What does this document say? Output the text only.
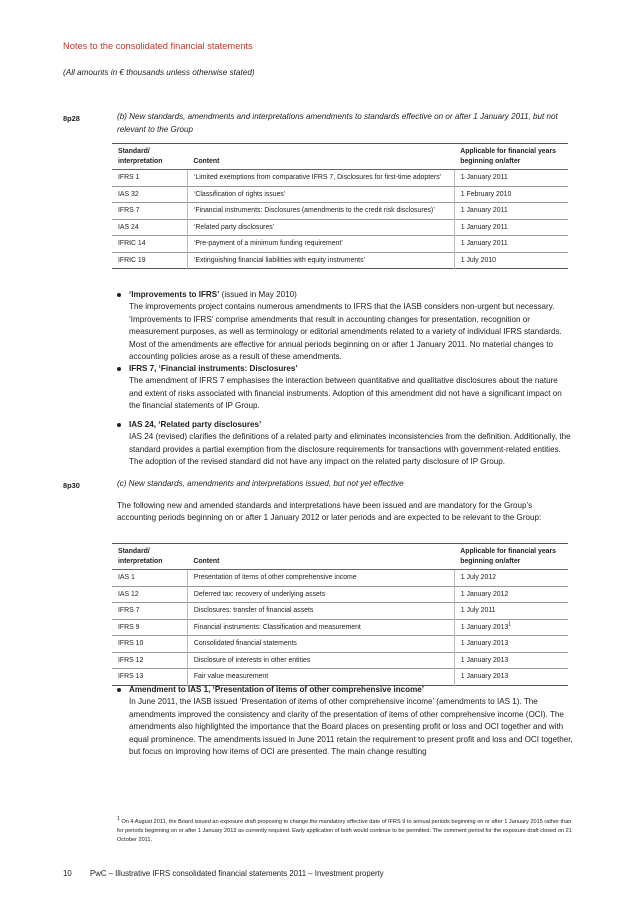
Notes to the consolidated financial statements
(All amounts in € thousands unless otherwise stated)
8p28	(b) New standards, amendments and interpretations amendments to standards effective on or after 1 January 2011, but not relevant to the Group
Standard/ interpretation	Content	Applicable for financial years beginning on/after
IFRS 1	‘Limited exemptions from comparative IFRS 7, Disclosures for first-time adopters’	1 January 2011
IAS 32	‘Classification of rights issues’	1 February 2010
IFRS 7	‘Financial instruments: Disclosures (amendments to the credit risk disclosures)’	1 January 2011
IAS 24	‘Related party disclosures’	1 January 2011
IFRIC 14	‘Pre-payment of a minimum funding requirement’	1 January 2011
IFRIC 19	‘Extinguishing financial liabilities with equity instruments’	1 July 2010
‘Improvements to IFRS’ (issued in May 2010)
The improvements project contains numerous amendments to IFRS that the IASB considers non-urgent but necessary. ‘Improvements to IFRS’ comprise amendments that result in accounting changes for presentation, recognition or measurement purposes, as well as terminology or editorial amendments related to a variety of individual IFRS standards. Most of the amendments are effective for annual periods beginning on or after 1 January 2011. No material changes to accounting policies arose as a result of these amendments.
IFRS 7, ‘Financial instruments: Disclosures’
The amendment of IFRS 7 emphasises the interaction between quantitative and qualitative disclosures about the nature and extent of risks associated with financial instruments. Adoption of this amendment did not have a significant impact on the financial statements of IP Group.
IAS 24, ‘Related party disclosures’
IAS 24 (revised) clarifies the definitions of a related party and eliminates inconsistencies from the definition. Additionally, the standard provides a partial exemption from the disclosure requirements for transactions with government-related entities. The adoption of the revised standard did not have any impact on the related party disclosure of IP Group.
8p30	(c) New standards, amendments and interpretations issued, but not yet effective
The following new and amended standards and interpretations have been issued and are mandatory for the Group’s accounting periods beginning on or after 1 January 2012 or later periods and are expected to be relevant to the Group:
Standard/ interpretation	Content	Applicable for financial years beginning on/after
IAS 1	Presentation of items of other comprehensive income	1 July 2012
IAS 12	Deferred tax: recovery of underlying assets	1 January 2012
IFRS 7	Disclosures: transfer of financial assets	1 July 2011
IFRS 9	Financial instruments: Classification and measurement	1 January 2013$^1$
IFRS 10	Consolidated financial statements	1 January 2013
IFRS 12	Disclosure of interests in other entities	1 January 2013
IFRS 13	Fair value measurement	1 January 2013
Amendment to IAS 1, ‘Presentation of items of other comprehensive income’
In June 2011, the IASB issued ‘Presentation of items of other comprehensive income’ (amendments to IAS 1). The amendments improved the consistency and clarity of the presentation of items of other comprehensive income (OCI). The amendments also highlighted the importance that the Board places on presenting profit or loss and OCI together and with equal prominence. The amendments issued in June 2011 retain the requirement to present profit and loss and OCI together, but focus on improving how items of OCI are presented. The main change resulting
$^1$ On 4 August 2011, the Board issued an exposure draft proposing to change the mandatory effective date of IFRS 9 to annual periods beginning on or after 1 January 2015 rather than for periods beginning on or after 1 January 2013 as currently required. Early application of both would continue to be permitted. The comment period for the exposure draft closed on 21 October 2011.
10 PwC – Illustrative IFRS consolidated financial statements 2011 – Investment property
